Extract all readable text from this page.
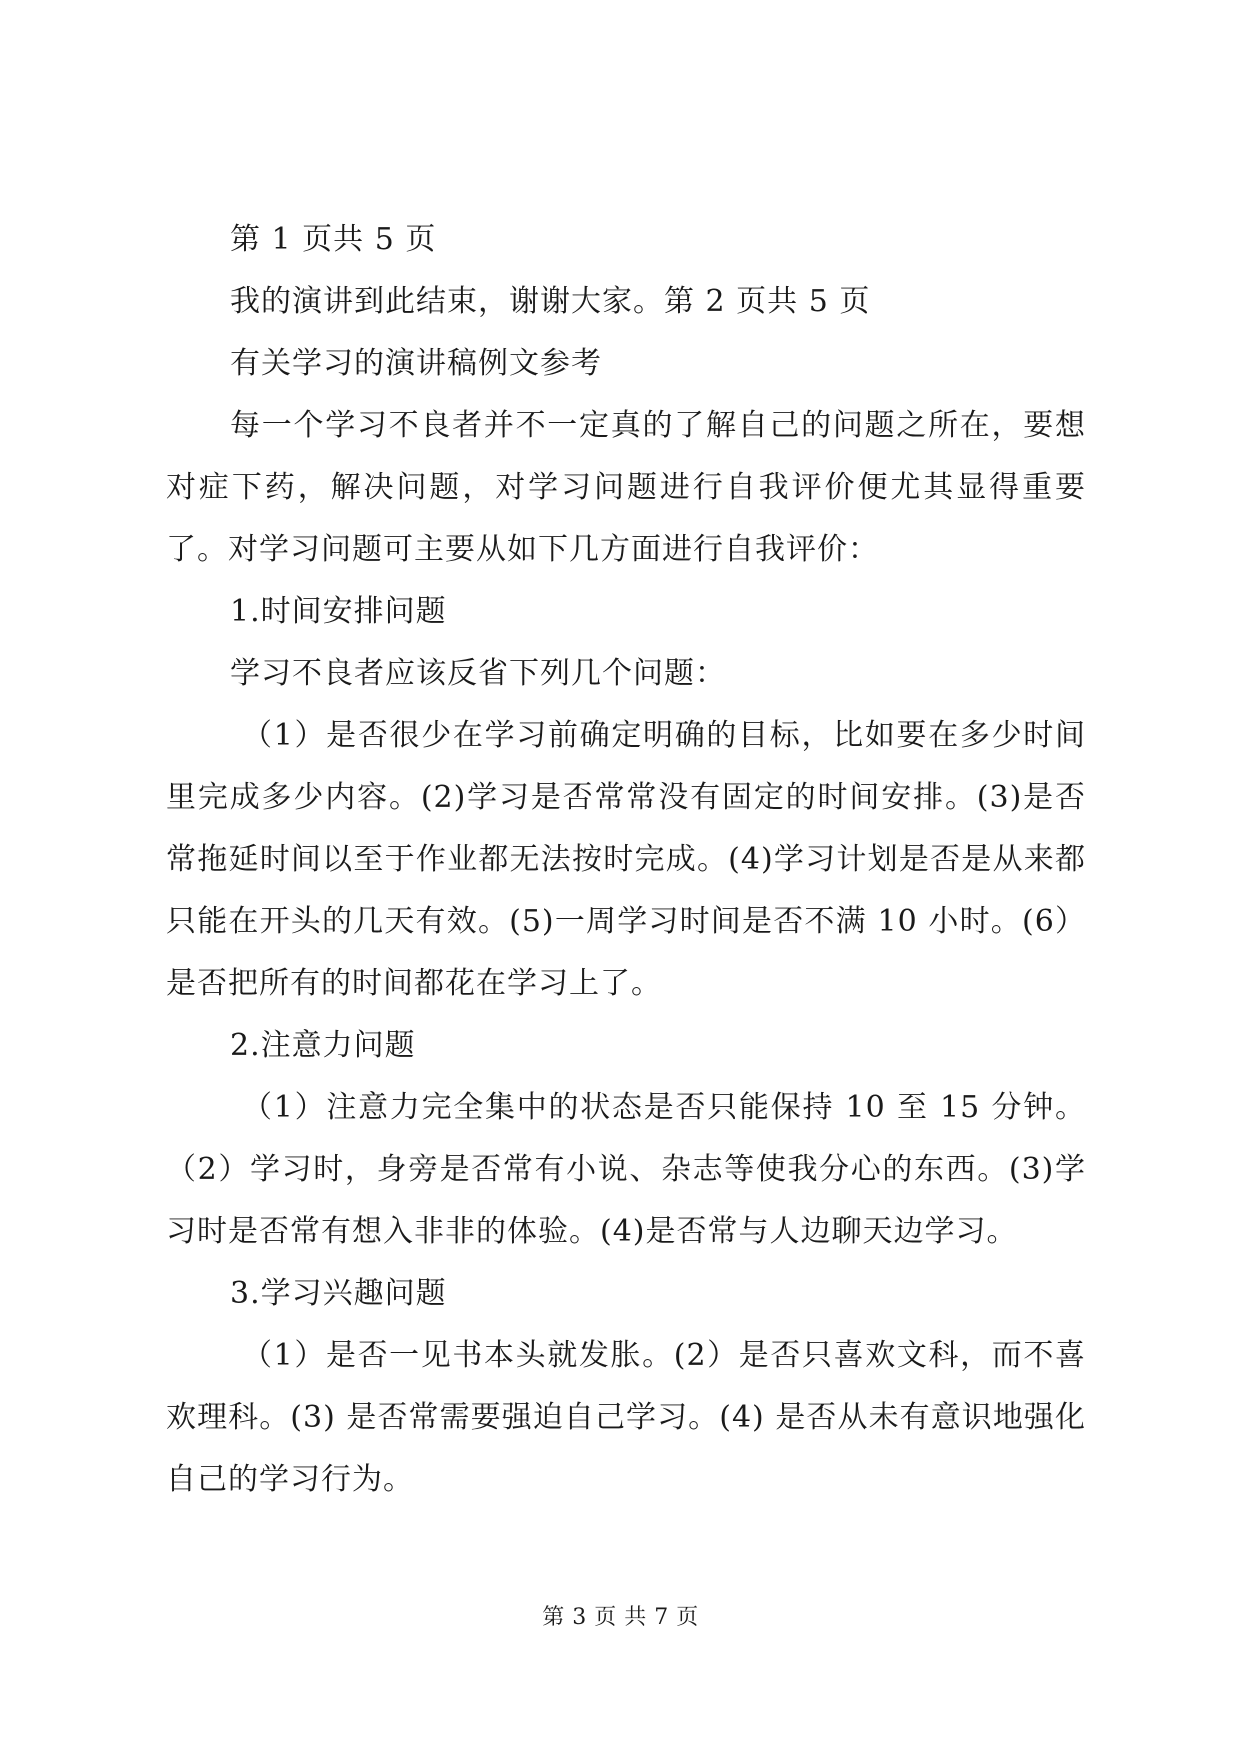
第 1 页共 5 页

我的演讲到此结束，谢谢大家。第 2 页共 5 页

有关学习的演讲稿例文参考

每一个学习不良者并不一定真的了解自己的问题之所在，要想对症下药，解决问题，对学习问题进行自我评价便尤其显得重要了。对学习问题可主要从如下几方面进行自我评价：

1.时间安排问题

学习不良者应该反省下列几个问题：

（1）是否很少在学习前确定明确的目标，比如要在多少时间里完成多少内容。(2)学习是否常常没有固定的时间安排。(3)是否常拖延时间以至于作业都无法按时完成。(4)学习计划是否是从来都只能在开头的几天有效。(5)一周学习时间是否不满 10 小时。(6）是否把所有的时间都花在学习上了。

2.注意力问题

（1）注意力完全集中的状态是否只能保持 10 至 15 分钟。（2）学习时，身旁是否常有小说、杂志等使我分心的东西。(3)学习时是否常有想入非非的体验。(4)是否常与人边聊天边学习。

3.学习兴趣问题

（1）是否一见书本头就发胀。(2）是否只喜欢文科，而不喜欢理科。(3) 是否常需要强迫自己学习。(4) 是否从未有意识地强化自己的学习行为。

第 3 页 共 7 页
